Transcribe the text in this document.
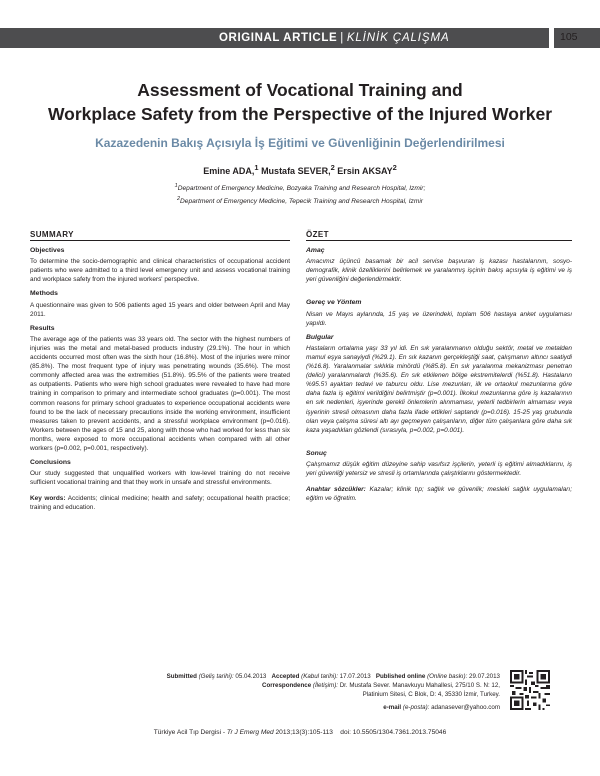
ORIGINAL ARTICLE | KLİNİK ÇALIŞMA	105
Assessment of Vocational Training and
Workplace Safety from the Perspective of the Injured Worker
Kazazedenin Bakış Açısıyla İş Eğitimi ve Güvenliğinin Değerlendirilmesi
Emine ADA,$^1$ Mustafa SEVER,$^2$ Ersin AKSAY$^2$
$^1$Department of Emergency Medicine, Bozyaka Training and Research Hospital, Izmir;
$^2$Department of Emergency Medicine, Tepecik Training and Research Hospital, Izmir
SUMMARY
Objectives

To determine the socio-demographic and clinical characteristics of occupational accident patients who were admitted to a third level emergency unit and assess vocational training and workplace safety from the injured workers' perspective.

Methods

A questionnaire was given to 506 patients aged 15 years and older between April and May 2011.

Results

The average age of the patients was 33 years old. The sector with the highest numbers of injuries was the metal and metal-based products industry (29.1%). The hour in which accidents occurred most often was the sixth hour (16.8%). Most of the injuries were minor (85.8%). The most frequent type of injury was penetrating wounds (35.6%). The most commonly affected area was the extremities (51.8%). 95.5% of the patients were treated as outpatients. Patients who were high school graduates were revealed to have had more training in comparison to primary and intermediate school graduates (p=0.001). The most common reasons for primary school graduates to experience occupational accidents were found to be the lack of necessary precautions inside the working environment, insufficient measures taken to prevent accidents, and a stressful workplace environment (p=0.016). Workers between the ages of 15 and 25, along with those who had worked for less than six months, were exposed to more occupational accidents when compared with all other workers (p=0.002, p=0.001, respectively).

Conclusions

Our study suggested that unqualified workers with low-level training do not receive sufficient vocational training and that they work in unsafe and stressful environments.

Key words: Accidents; clinical medicine; health and safety; occupational health practice; training and education.

ÖZET
Amaç

Amacımız üçüncü basamak bir acil servise başvuran iş kazası hastalarının, sosyo-demografik, klinik özelliklerini belirlemek ve yaralanmış işçinin bakış açısıyla iş eğitimi ve iş yeri güvenliğini değerlendirmektir.

Gereç ve Yöntem

Nisan ve Mayıs aylarında, 15 yaş ve üzerindeki, toplam 506 hastaya anket uygulaması yapıldı.

Bulgular

Hastaların ortalama yaşı 33 yıl idi. En sık yaralanmanın olduğu sektör, metal ve metalden mamul eşya sanayiydi (%29.1). En sık kazanın gerçekleştiği saat, çalışmanın altıncı saatiydi (%16.8). Yaralanmalar sıklıkla minördü (%85.8). En sık yaralanma mekanizması penetran (delici) yaralanmalardı (%35.6). En sık etkilenen bölge ekstremitelerdi (%51.8). Hastaların %95.5'i ayaktan tedavi ve taburcu oldu. Lise mezunları, ilk ve ortaokul mezunlarına göre daha fazla iş eğitimi verildiğini belirtmiştir (p=0.001). İlkokul mezunlarına göre iş kazalarının en sık nedenleri, işyerinde gerekli önlemlerin alınmaması, yeterli tedbirlerin almaması veya işyerinin stresli olmasının daha fazla ifade ettikleri saptandı (p=0.016). 15-25 yaş grubunda olan veya çalışma süresi altı ayı geçmeyen çalışanların, diğer tüm çalışanlara göre daha sık kaza yaşadıkları gözlendi (sırasıyla, p=0.002, p=0.001).

Sonuç

Çalışmamız düşük eğitim düzeyine sahip vasıfsız işçilerin, yeterli iş eğitimi almadıklarını, iş yeri güvenliği yetersiz ve stresli iş ortamlarında çalıştıklarını göstermektedir.

Anahtar sözcükler: Kazalar; klinik tıp; sağlık ve güvenlik; mesleki sağlık uygulamaları; eğitim ve öğretim.

Submitted (Geliş tarihi): 05.04.2013 Accepted (Kabul tarihi): 17.07.2013 Published online (Online baskı): 29.07.2013
Correspondence (İletişim): Dr. Mustafa Sever. Manavkuyu Mahallesi, 275/10 S. N: 12,
Platinium Sitesi, C Blok, D: 4, 35330 İzmir, Turkey.
e-mail (e-posta): adanasever@yahoo.com
Türkiye Acil Tıp Dergisi - Tr J Emerg Med 2013;13(3):105-113 doi: 10.5505/1304.7361.2013.75046
